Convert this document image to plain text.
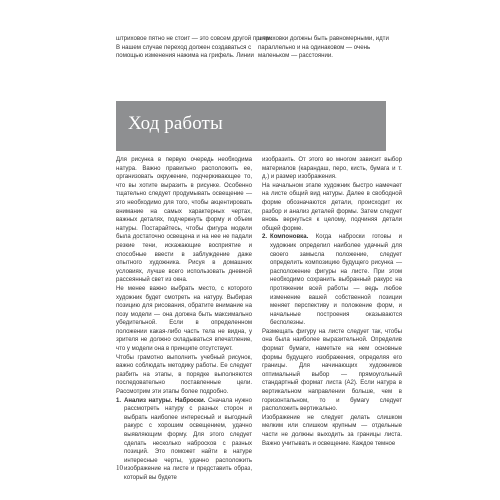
штриховое пятно не стоит — это совсем другой прием. В нашем случае переход должен создаваться с помощью изменения нажима на грифель. Линии

штриховки должны быть равномерными, идти параллельно и на одинаковом — очень маленьком — расстоянии.

Ход работы

Для рисунка в первую очередь необходима натура. Важно правильно расположить ее, организовать окружение, подчеркивающее то, что вы хотите выразить в рисунке. Особенно тщательно следует продумывать освещение — это необходимо для того, чтобы акцентировать внимание на самых характерных чертах, важных деталях, подчеркнуть форму и объем натуры. Постарайтесь, чтобы фигура модели была достаточно освещена и на нее не падали резкие тени, искажающие восприятие и способные ввести в заблуждение даже опытного художника. Рисуя в домашних условиях, лучше всего использовать дневной рассеянный свет из окна.

Не менее важно выбрать место, с которого художник будет смотреть на натуру. Выбирая позицию для рисования, обратите внимание на позу модели — она должна быть максимально убедительной. Если в определенном положении какая-либо часть тела не видна, у зрителя не должно складываться впечатление, что у модели она в принципе отсутствует.

Чтобы грамотно выполнить учебный рисунок, важно соблюдать методику работы. Ее следует разбить на этапы, в порядке выполняются последовательно поставленные цели. Рассмотрим эти этапы более подробно.

1. Анализ натуры. Наброски. Сначала нужно рассмотреть натуру с разных сторон и выбрать наиболее интересный и выгодный ракурс с хорошим освещением, удачно выявляющим форму. Для этого следует сделать несколько набросков с разных позиций. Это поможет найти в натуре интересные черты, удачно расположить изображение на листе и представить образ, который вы будете

изобразить. От этого во многом зависит выбор материалов (карандаш, перо, кисть, бумага и т. д.) и размер изображения.

На начальном этапе художник быстро намечает на листе общий вид натуры. Далее в свободной форме обозначаются детали, происходит их разбор и анализ деталей формы. Затем следует вновь вернуться к целому, подчиняя детали общей форме.

2. Компоновка. Когда наброски готовы и художник определил наиболее удачный для своего замысла положение, следует определить композицию будущего рисунка — расположение фигуры на листе. При этом необходимо сохранить выбранный ракурс на протяжении всей работы — ведь любое изменение вашей собственной позиции меняет перспективу и положение форм, и начальные построения оказываются бесполезны.

Размещать фигуру на листе следует так, чтобы она была наиболее выразительной. Определив формат бумаги, наметьте на нем основные формы будущего изображения, определяя его границы. Для начинающих художников оптимальный выбор — прямоугольный стандартный формат листа (А2). Если натура в вертикальном направлении больше, чем в горизонтальном, то и бумагу следует расположить вертикально.

Изображение не следует делать слишком мелким или слишком крупным — отдельные части не должны выходить за границы листа. Важно учитывать и освещение. Каждое темное

10
